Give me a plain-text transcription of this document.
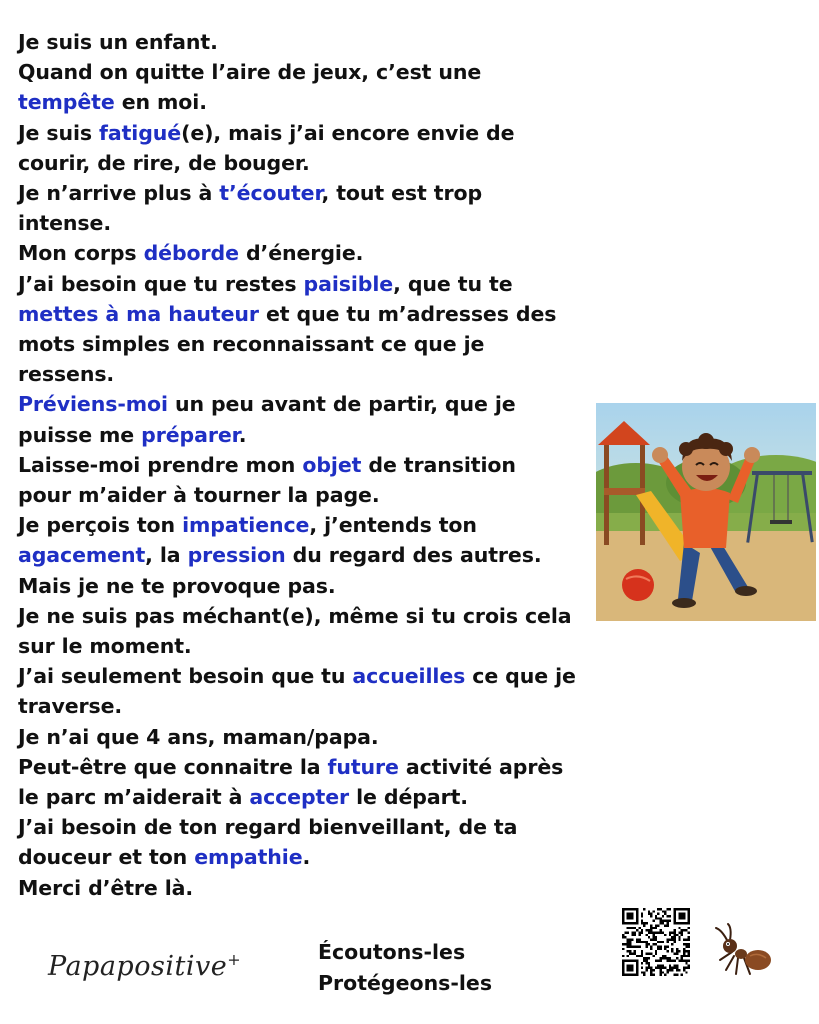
Je suis un enfant.
Quand on quitte l’aire de jeux, c’est une
tempête en moi.
Je suis fatigué(e), mais j’ai encore envie de
courir, de rire, de bouger.
Je n’arrive plus à t’écouter, tout est trop
intense.
Mon corps déborde d’énergie.
J’ai besoin que tu restes paisible, que tu te
mettes à ma hauteur et que tu m’adresses des
mots simples en reconnaissant ce que je
ressens.
Préviens-moi un peu avant de partir, que je
puisse me préparer.
Laisse-moi prendre mon objet de transition
pour m’aider à tourner la page.
Je perçois ton impatience, j’entends ton
agacement, la pression du regard des autres.
Mais je ne te provoque pas.
Je ne suis pas méchant(e), même si tu crois cela
sur le moment.
J’ai seulement besoin que tu accueilles ce que je
traverse.
Je n’ai que 4 ans, maman/papa.
Peut-être que connaitre la future activité après
le parc m’aiderait à accepter le départ.
J’ai besoin de ton regard bienveillant, de ta
douceur et ton empathie.
Merci d’être là.
Papapositive+	Écoutons-les
Protégeons-les
